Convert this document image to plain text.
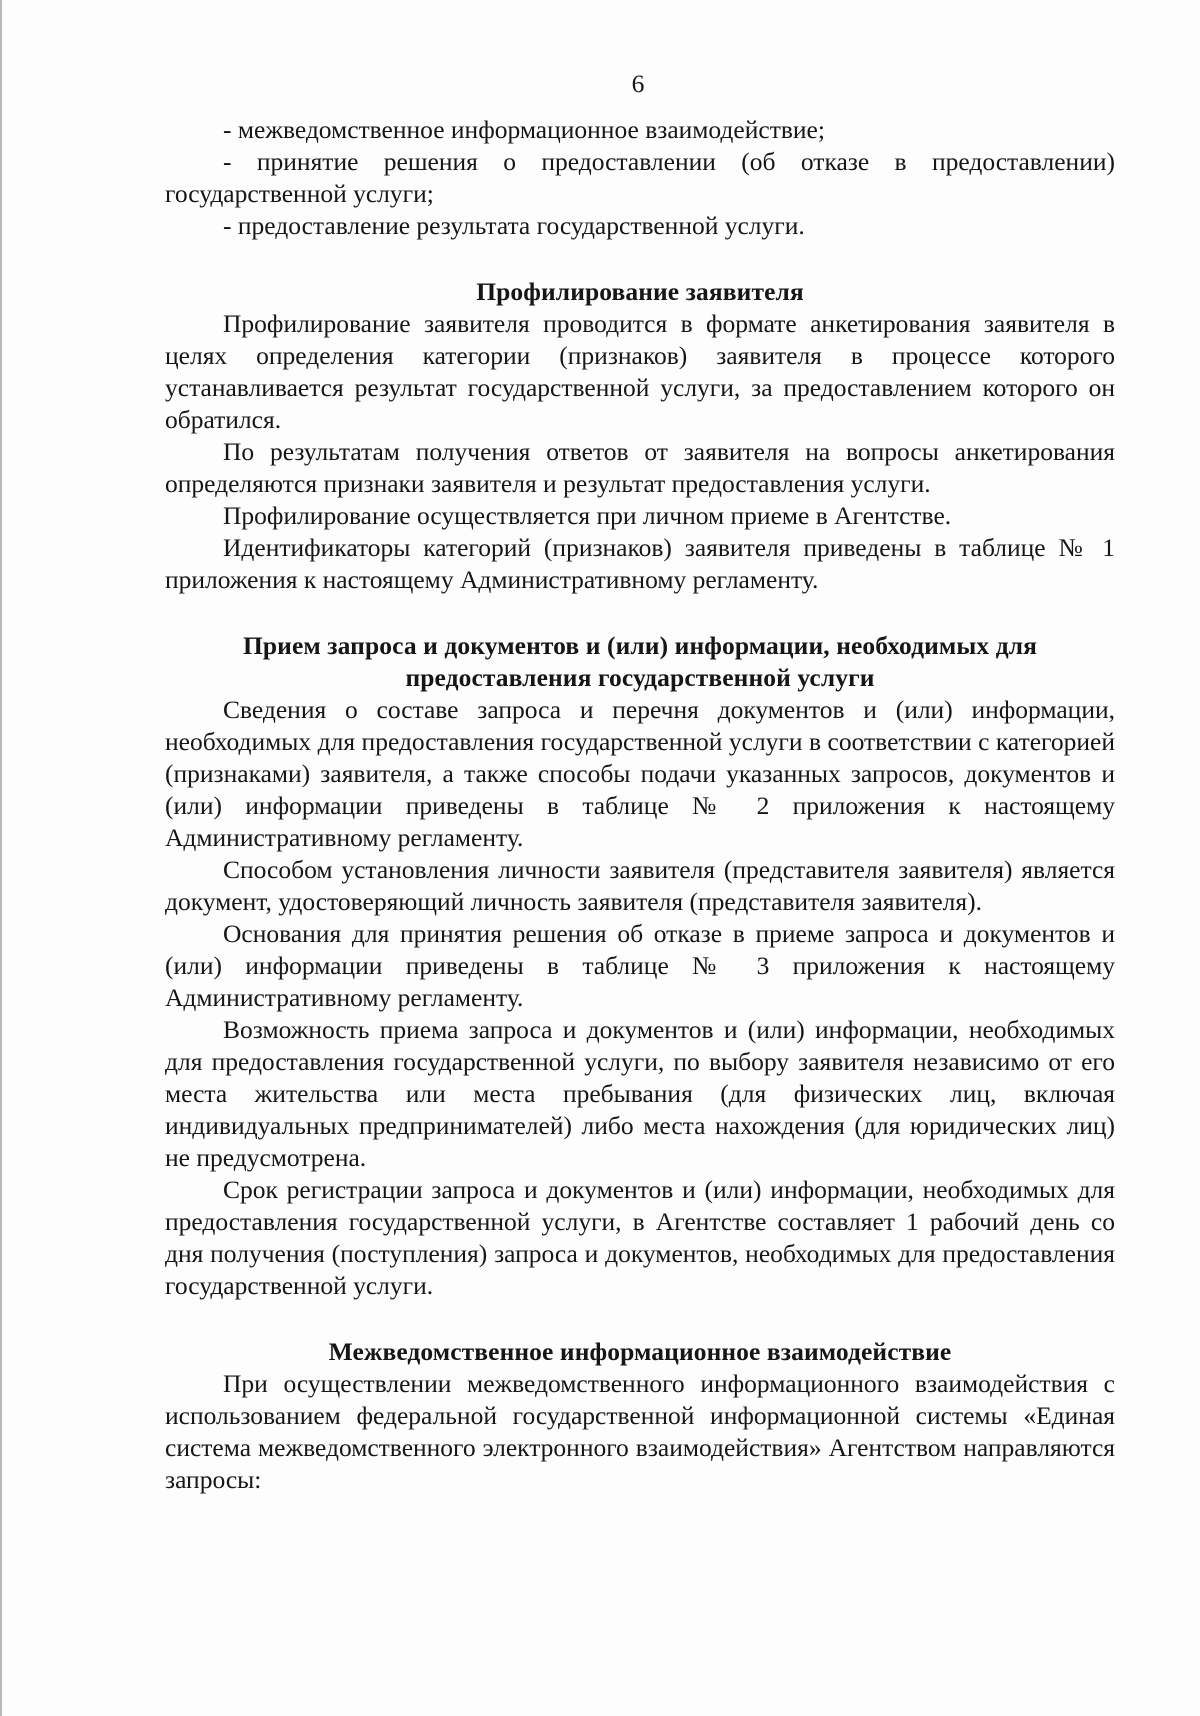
6

- межведомственное информационное взаимодействие;

- принятие решения о предоставлении (об отказе в предоставлении) государственной услуги;

- предоставление результата государственной услуги.

Профилирование заявителя

Профилирование заявителя проводится в формате анкетирования заявителя в целях определения категории (признаков) заявителя в процессе которого устанавливается результат государственной услуги, за предоставлением которого он обратился.

По результатам получения ответов от заявителя на вопросы анкетирования определяются признаки заявителя и результат предоставления услуги.

Профилирование осуществляется при личном приеме в Агентстве.

Идентификаторы категорий (признаков) заявителя приведены в таблице № 1 приложения к настоящему Административному регламенту.

Прием запроса и документов и (или) информации, необходимых для

предоставления государственной услуги

Сведения о составе запроса и перечня документов и (или) информации, необходимых для предоставления государственной услуги в соответствии с категорией (признаками) заявителя, а также способы подачи указанных запросов, документов и (или) информации приведены в таблице № 2 приложения к настоящему Административному регламенту.

Способом установления личности заявителя (представителя заявителя) является документ, удостоверяющий личность заявителя (представителя заявителя).

Основания для принятия решения об отказе в приеме запроса и документов и (или) информации приведены в таблице № 3 приложения к настоящему Административному регламенту.

Возможность приема запроса и документов и (или) информации, необходимых для предоставления государственной услуги, по выбору заявителя независимо от его места жительства или места пребывания (для физических лиц, включая индивидуальных предпринимателей) либо места нахождения (для юридических лиц) не предусмотрена.

Срок регистрации запроса и документов и (или) информации, необходимых для предоставления государственной услуги, в Агентстве составляет 1 рабочий день со дня получения (поступления) запроса и документов, необходимых для предоставления государственной услуги.

Межведомственное информационное взаимодействие

При осуществлении межведомственного информационного взаимодействия с использованием федеральной государственной информационной системы «Единая система межведомственного электронного взаимодействия» Агентством направляются запросы:
